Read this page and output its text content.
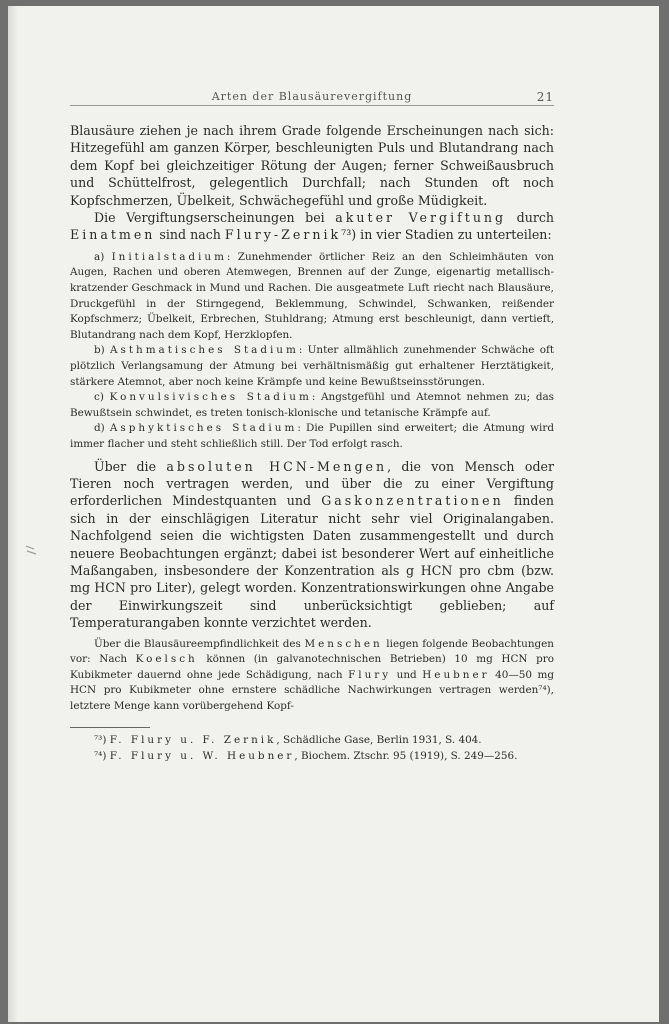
Arten der Blausäurevergiftung	21

Blausäure ziehen je nach ihrem Grade folgende Erscheinungen nach sich: Hitzegefühl am ganzen Körper, beschleunigten Puls und Blutandrang nach dem Kopf bei gleichzeitiger Rötung der Augen; ferner Schweißausbruch und Schüttelfrost, gelegentlich Durchfall; nach Stunden oft noch Kopfschmerzen, Übelkeit, Schwächegefühl und große Müdigkeit.

Die Vergiftungserscheinungen bei akuter Vergiftung durch Einatmen sind nach Flury-Zernik⁷³) in vier Stadien zu unterteilen:

a) Initialstadium: Zunehmender örtlicher Reiz an den Schleimhäuten von Augen, Rachen und oberen Atemwegen, Brennen auf der Zunge, eigenartig metallisch-kratzender Geschmack in Mund und Rachen. Die ausgeatmete Luft riecht nach Blausäure, Druckgefühl in der Stirngegend, Beklemmung, Schwindel, Schwanken, reißender Kopfschmerz; Übelkeit, Erbrechen, Stuhldrang; Atmung erst beschleunigt, dann vertieft, Blutandrang nach dem Kopf, Herzklopfen.

b) Asthmatisches Stadium: Unter allmählich zunehmender Schwäche oft plötzlich Verlangsamung der Atmung bei verhältnismäßig gut erhaltener Herztätigkeit, stärkere Atemnot, aber noch keine Krämpfe und keine Bewußtseinsstörungen.

c) Konvulsivisches Stadium: Angstgefühl und Atemnot nehmen zu; das Bewußtsein schwindet, es treten tonisch-klonische und tetanische Krämpfe auf.

d) Asphyktisches Stadium: Die Pupillen sind erweitert; die Atmung wird immer flacher und steht schließlich still. Der Tod erfolgt rasch.

Über die absoluten HCN-Mengen, die von Mensch oder Tieren noch vertragen werden, und über die zu einer Vergiftung erforderlichen Mindestquanten und Gaskonzentrationen finden sich in der einschlägigen Literatur nicht sehr viel Originalangaben. Nachfolgend seien die wichtigsten Daten zusammengestellt und durch neuere Beobachtungen ergänzt; dabei ist besonderer Wert auf einheitliche Maßangaben, insbesondere der Konzentration als g HCN pro cbm (bzw. mg HCN pro Liter), gelegt worden. Konzentrationswirkungen ohne Angabe der Einwirkungszeit sind unberücksichtigt geblieben; auf Temperaturangaben konnte verzichtet werden.

Über die Blausäureempfindlichkeit des Menschen liegen folgende Beobachtungen vor: Nach Koelsch können (in galvanotechnischen Betrieben) 10 mg HCN pro Kubikmeter dauernd ohne jede Schädigung, nach Flury und Heubner 40—50 mg HCN pro Kubikmeter ohne ernstere schädliche Nachwirkungen vertragen werden⁷⁴), letztere Menge kann vorübergehend Kopf-

⁷³) F. Flury u. F. Zernik, Schädliche Gase, Berlin 1931, S. 404.

⁷⁴) F. Flury u. W. Heubner, Biochem. Ztschr. 95 (1919), S. 249—256.
